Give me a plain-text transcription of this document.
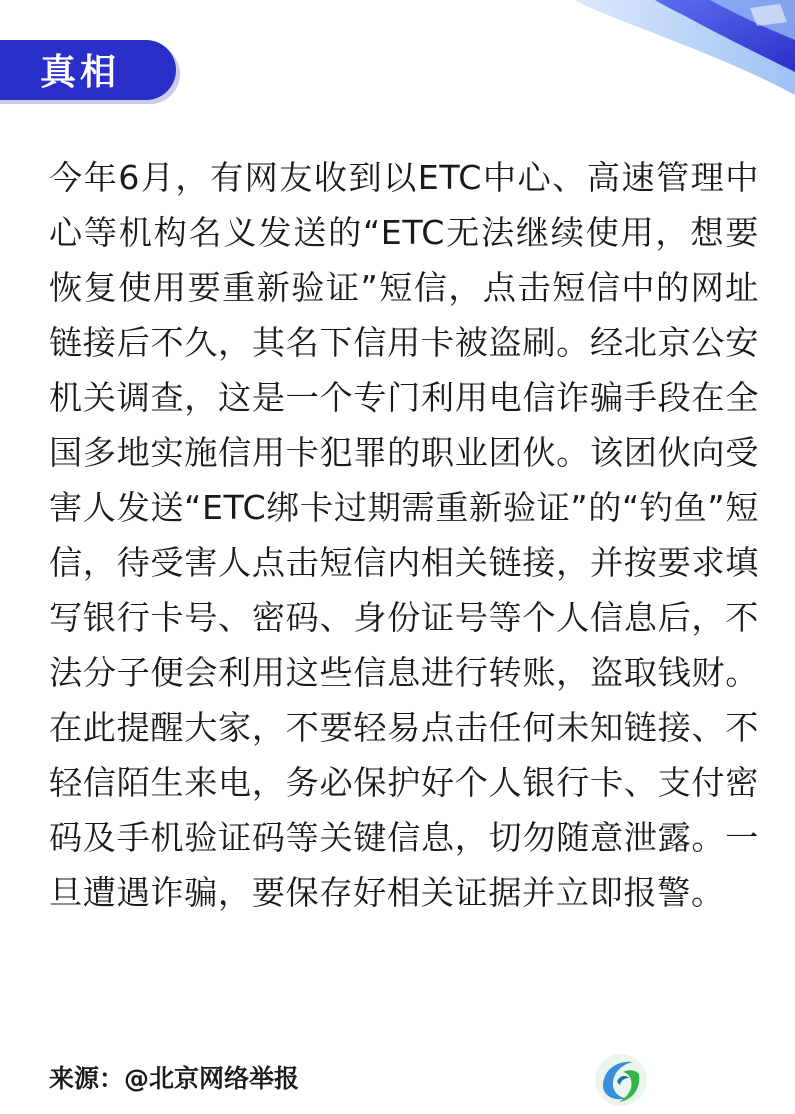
真相

今年6月，有网友收到以ETC中心、高速管理中心等机构名义发送的“ETC无法继续使用，想要恢复使用要重新验证”短信，点击短信中的网址链接后不久，其名下信用卡被盗刷。经北京公安机关调查，这是一个专门利用电信诈骗手段在全国多地实施信用卡犯罪的职业团伙。该团伙向受害人发送“ETC绑卡过期需重新验证”的“钓鱼”短信，待受害人点击短信内相关链接，并按要求填写银行卡号、密码、身份证号等个人信息后，不法分子便会利用这些信息进行转账，盗取钱财。在此提醒大家，不要轻易点击任何未知链接、不轻信陌生来电，务必保护好个人银行卡、支付密码及手机验证码等关键信息，切勿随意泄露。一旦遭遇诈骗，要保存好相关证据并立即报警。

来源：@北京网络举报
